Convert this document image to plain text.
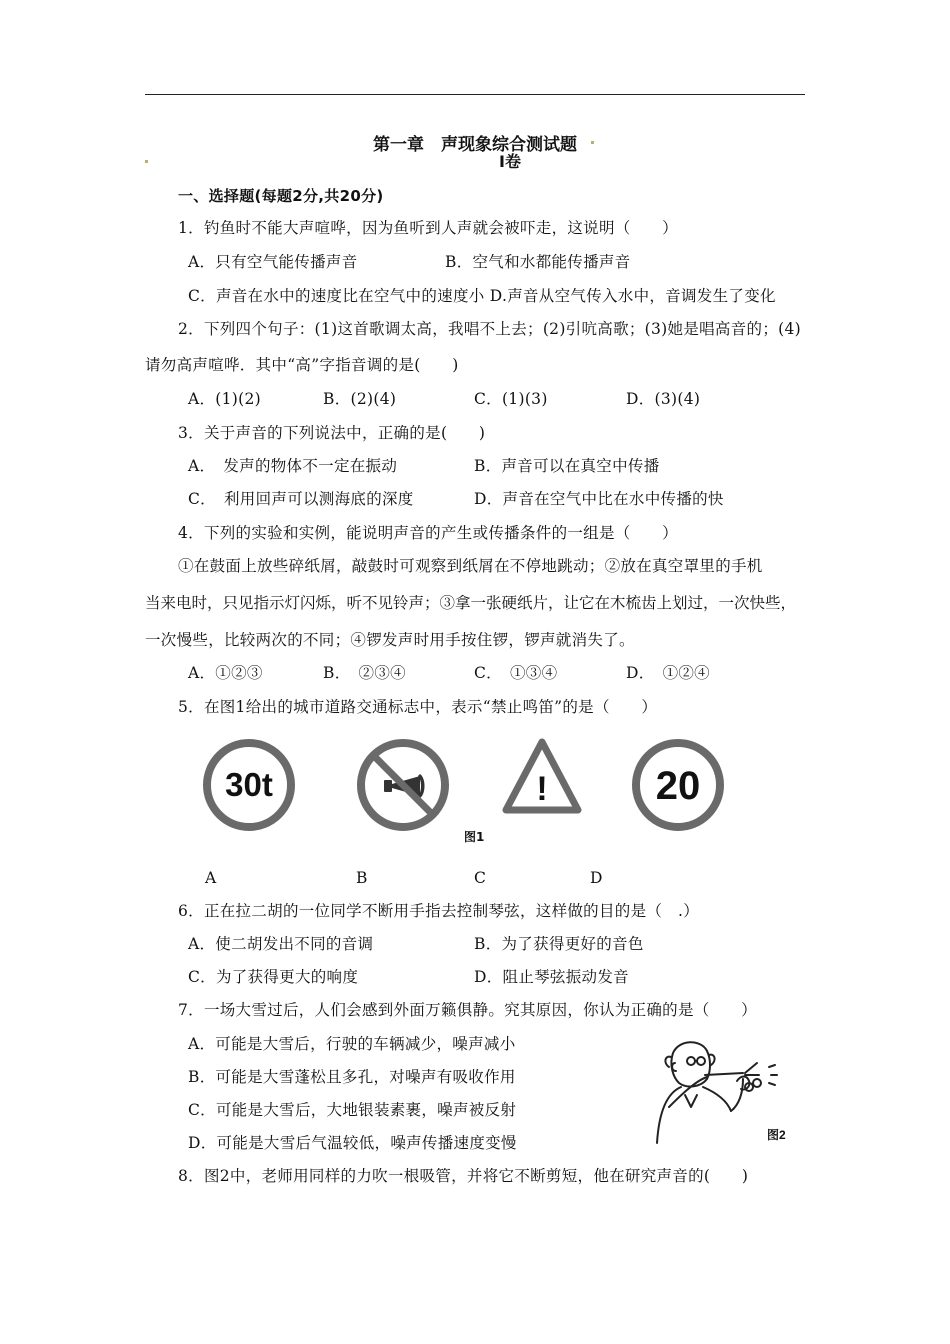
第一章　声现象综合测试题
Ⅰ卷
一、选择题(每题2分,共20分)
1．钓鱼时不能大声喧哗，因为鱼听到人声就会被吓走，这说明（　　）
A．只有空气能传播声音	B．空气和水都能传播声音
C．声音在水中的速度比在空气中的速度小 D.声音从空气传入水中，音调发生了变化
2．下列四个句子：(1)这首歌调太高，我唱不上去；(2)引吭高歌；(3)她是唱高音的；(4)
请勿高声喧哗．其中“高”字指音调的是(　　)
A．(1)(2)	B．(2)(4)	C．(1)(3)	D．(3)(4)
3．关于声音的下列说法中，正确的是(　　)
A．　发声的物体不一定在振动	B．声音可以在真空中传播
C．　利用回声可以测海底的深度	D．声音在空气中比在水中传播的快
4．下列的实验和实例，能说明声音的产生或传播条件的一组是（　　）
①在鼓面上放些碎纸屑，敲鼓时可观察到纸屑在不停地跳动；②放在真空罩里的手机
当来电时，只见指示灯闪烁，听不见铃声；③拿一张硬纸片，让它在木梳齿上划过，一次快些，
一次慢些，比较两次的不同；④锣发声时用手按住锣，锣声就消失了。
A．①②③	B．　②③④	C．　①③④	D．　①②④
5．在图1给出的城市道路交通标志中，表示“禁止鸣笛”的是（　　）
30t	!	20
图1
A	B	C	D
6．正在拉二胡的一位同学不断用手指去控制琴弦，这样做的目的是（　.）
A．使二胡发出不同的音调	B．为了获得更好的音色
C．为了获得更大的响度	D．阻止琴弦振动发音
7．一场大雪过后，人们会感到外面万籁俱静。究其原因，你认为正确的是（　　）
A．可能是大雪后，行驶的车辆减少，噪声减小
B．可能是大雪蓬松且多孔，对噪声有吸收作用
C．可能是大雪后，大地银装素裹，噪声被反射
D．可能是大雪后气温较低，噪声传播速度变慢	图2
8．图2中，老师用同样的力吹一根吸管，并将它不断剪短，他在研究声音的(　　)
